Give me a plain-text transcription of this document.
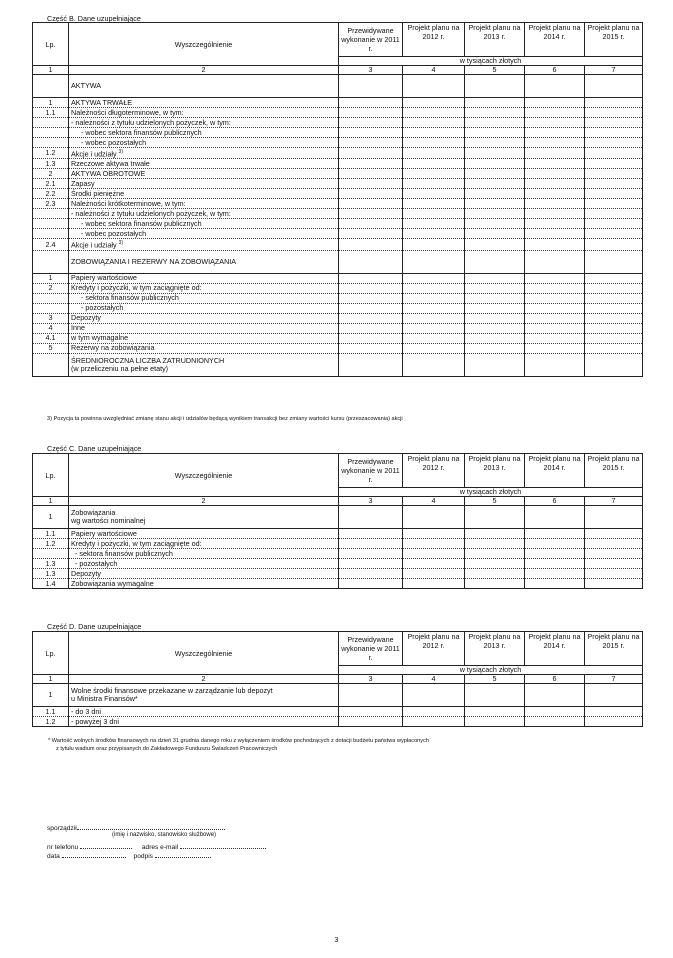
Część B. Dane uzupełniające
Lp.	Wyszczególnienie	Przewidywane wykonanie w 2011 r.	Projekt planu na 2012 r.	Projekt planu na 2013 r.	Projekt planu na 2014 r.	Projekt planu na 2015 r.
		w tysiącach złotych				
1	2	3	4	5	6	7
	AKTYWA					
1	AKTYWA TRWAŁE					
1.1	Należności długoterminowe, w tym:					
	- należności z tytułu udzielonych pożyczek, w tym:					
	- wobec sektora finansów publicznych					
	- wobec pozostałych					
1.2	Akcje i udziały $^{3)}$					
1.3	Rzeczowe aktywa trwałe					
2	AKTYWA OBROTOWE					
2.1	Zapasy					
2.2	Środki pieniężne					
2.3	Należności krótkoterminowe, w tym:					
	- należności z tytułu udzielonych pożyczek, w tym:					
	- wobec sektora finansów publicznych					
	- wobec pozostałych					
2.4	Akcje i udziały $^{3)}$					
	ZOBOWIĄZANIA I REZERWY NA ZOBOWIĄZANIA					
1	Papiery wartościowe					
2	Kredyty i pożyczki, w tym zaciągnięte od:					
	- sektora finansów publicznych					
	- pozostałych					
3	Depozyty					
4	Inne					
4.1	w tym wymagalne					
5	Rezerwy na zobowiązania					
	ŚREDNIOROCZNA LICZBA ZATRUDNIONYCH
(w przeliczeniu na pełne etaty)					
3) Pozycja ta powinna uwzględniać zmianę stanu akcji i udziałów będącą wynikiem transakcji bez zmiany wartości kursu (przeszacowania) akcji
Część C. Dane uzupełniające
Lp.	Wyszczególnienie	Przewidywane wykonanie w 2011 r.	Projekt planu na 2012 r.	Projekt planu na 2013 r.	Projekt planu na 2014 r.	Projekt planu na 2015 r.
		w tysiącach złotych				
1	2	3	4	5	6	7
1	Zobowiązania
wg wartości nominalnej					
1.1	Papiery wartościowe					
1.2	Kredyty i pożyczki, w tym zaciągnięte od:					
	- sektora finansów publicznych					
1.3	- pozostałych					
1.3	Depozyty					
1.4	Zobowiązania wymagalne					
Część D. Dane uzupełniające
Lp.	Wyszczególnienie	Przewidywane wykonanie w 2011 r.	Projekt planu na 2012 r.	Projekt planu na 2013 r.	Projekt planu na 2014 r.	Projekt planu na 2015 r.
		w tysiącach złotych				
1	2	3	4	5	6	7
1	Wolne środki finansowe przekazane w zarządzanie lub depozyt
u Ministra Finansów*					
1.1	- do 3 dni					
1.2	- powyżej 3 dni					
* Wartość wolnych środków finansowych na dzień 31 grudnia danego roku z wyłączeniem środków pochodzących z dotacji budżetu państwa wypłaconych
z tytułu wadium oraz przypisanych do Zakładowego Funduszu Świadczeń Pracowniczych
sporządził
(imię i nazwisko, stanowisko służbowe)
nr telefonu	adres e-mail
data	podpis
3
